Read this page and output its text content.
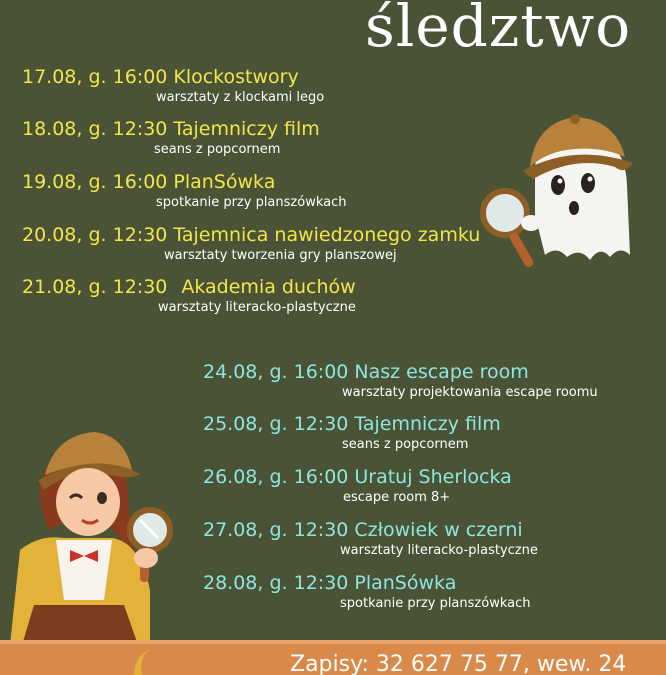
śledztwo
17.08, g. 16:00 Klockostwory
warsztaty z klockami lego
18.08, g. 12:30 Tajemniczy film
seans z popcornem
19.08, g. 16:00 PlanSówka
spotkanie przy planszówkach
20.08, g. 12:30 Tajemnica nawiedzonego zamku
warsztaty tworzenia gry planszowej
21.08, g. 12:30 Akademia duchów
warsztaty literacko-plastyczne
24.08, g. 16:00 Nasz escape room
warsztaty projektowania escape roomu
25.08, g. 12:30 Tajemniczy film
seans z popcornem
26.08, g. 16:00 Uratuj Sherlocka
escape room 8+
27.08, g. 12:30 Człowiek w czerni
warsztaty literacko-plastyczne
28.08, g. 12:30 PlanSówka
spotkanie przy planszówkach
Zapisy: 32 627 75 77, wew. 24
